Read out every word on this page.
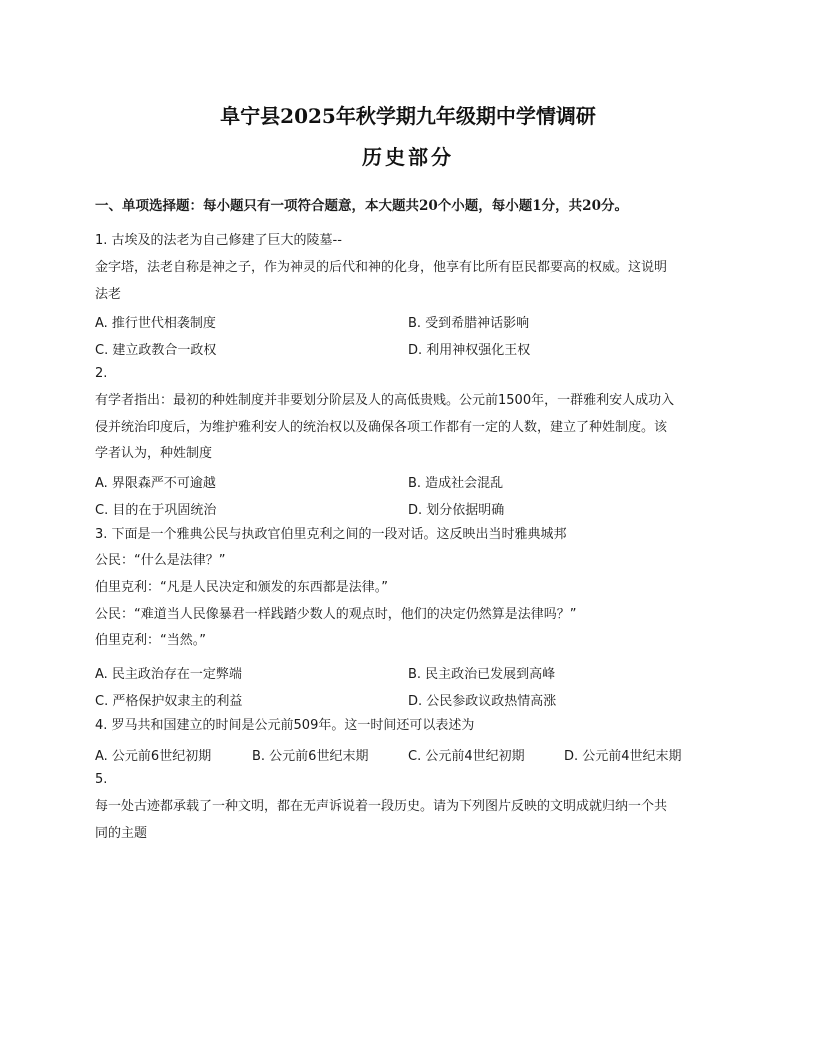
阜宁县2025年秋学期九年级期中学情调研
历史部分
一、单项选择题：每小题只有一项符合题意，本大题共20个小题，每小题1分，共20分。
1. 古埃及的法老为自己修建了巨大的陵墓--
金字塔，法老自称是神之子，作为神灵的后代和神的化身，他享有比所有臣民都要高的权威。这说明
法老
A. 推行世代相袭制度	B. 受到希腊神话影响
C. 建立政教合一政权	D. 利用神权强化王权
2.
有学者指出：最初的种姓制度并非要划分阶层及人的高低贵贱。公元前1500年，一群雅利安人成功入
侵并统治印度后，为维护雅利安人的统治权以及确保各项工作都有一定的人数，建立了种姓制度。该
学者认为，种姓制度
A. 界限森严不可逾越	B. 造成社会混乱
C. 目的在于巩固统治	D. 划分依据明确
3. 下面是一个雅典公民与执政官伯里克利之间的一段对话。这反映出当时雅典城邦
公民：“什么是法律？”
伯里克利：“凡是人民决定和颁发的东西都是法律。”
公民：“难道当人民像暴君一样践踏少数人的观点时，他们的决定仍然算是法律吗？”
伯里克利：“当然。”
A. 民主政治存在一定弊端	B. 民主政治已发展到高峰
C. 严格保护奴隶主的利益	D. 公民参政议政热情高涨
4. 罗马共和国建立的时间是公元前509年。这一时间还可以表述为
A. 公元前6世纪初期	B. 公元前6世纪末期	C. 公元前4世纪初期	D. 公元前4世纪末期
5.
每一处古迹都承载了一种文明，都在无声诉说着一段历史。请为下列图片反映的文明成就归纳一个共
同的主题
